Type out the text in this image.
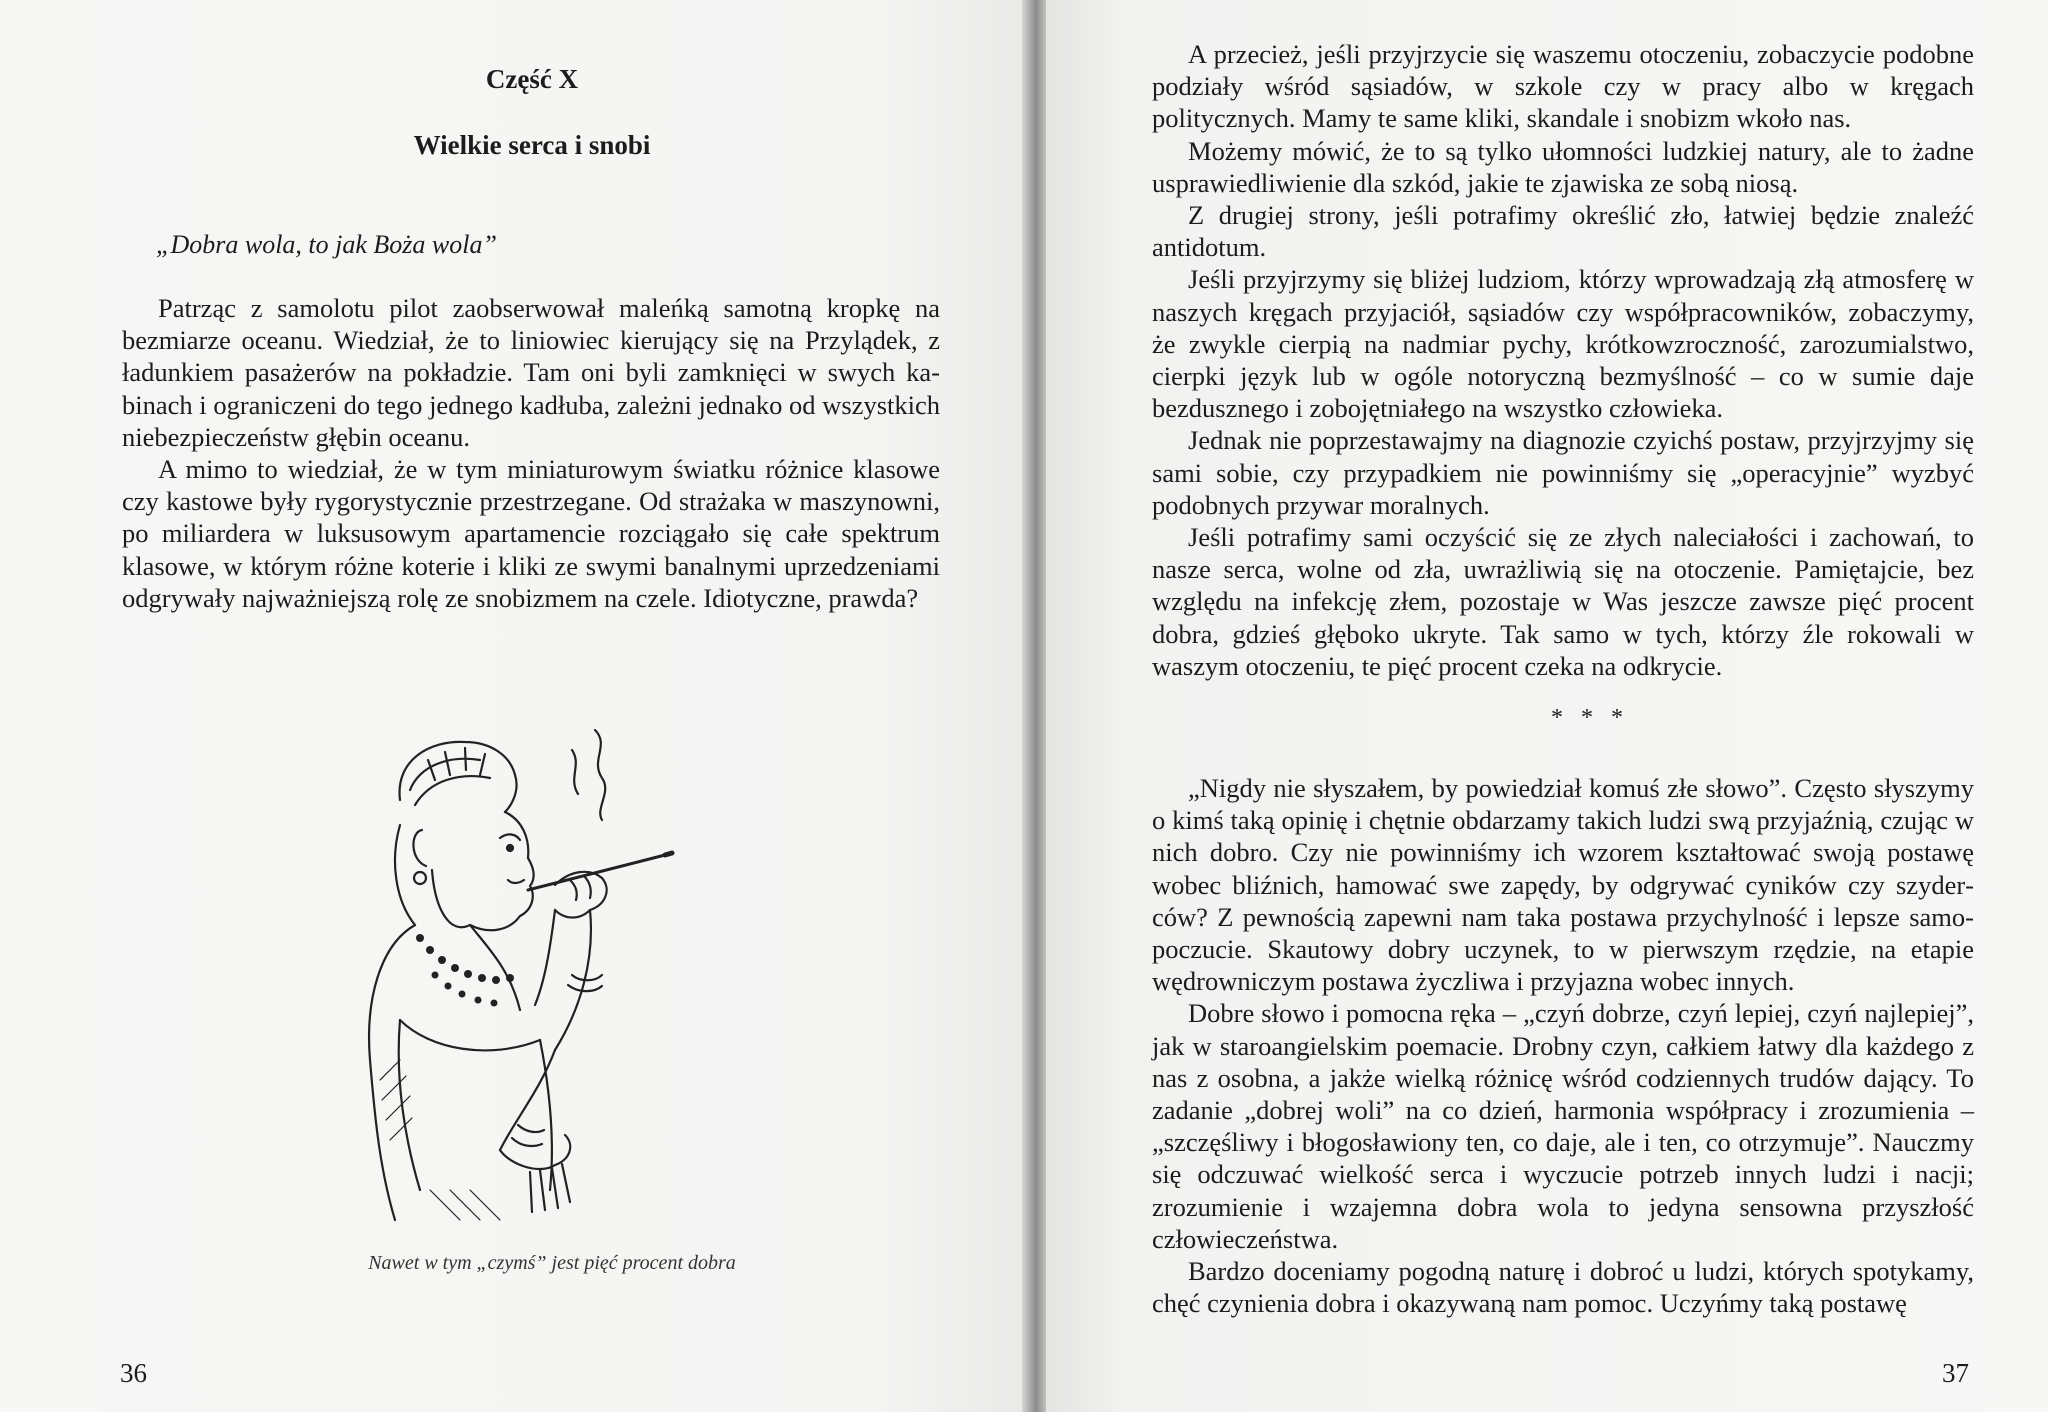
Część X
Wielkie serca i snobi
„Dobra wola, to jak Boża wola”

Patrząc z samolotu pilot zaobserwował maleńką samotną kropkę na bezmiarze oceanu. Wiedział, że to liniowiec kierujący się na Przylądek, z ładunkiem pasażerów na pokładzie. Tam oni byli zamknięci w swych kabinach i ograniczeni do tego jednego kadłuba, zależni jednako od wszystkich niebezpieczeństw głębin oceanu.

A mimo to wiedział, że w tym miniaturowym światku różnice klasowe czy kastowe były rygorystycznie przestrzegane. Od strażaka w maszynowni, po miliardera w luksusowym apartamencie rozciągało się całe spektrum klasowe, w którym różne koterie i kliki ze swymi banalnymi uprzedzeniami odgrywały najważniejszą rolę ze snobizmem na czele. Idiotyczne, prawda?

Nawet w tym „czymś” jest pięć procent dobra
36

A przecież, jeśli przyjrzycie się waszemu otoczeniu, zobaczycie podobne podziały wśród sąsiadów, w szkole czy w pracy albo w kręgach politycznych. Mamy te same kliki, skandale i snobizm wkoło nas.

Możemy mówić, że to są tylko ułomności ludzkiej natury, ale to żadne usprawiedliwienie dla szkód, jakie te zjawiska ze sobą niosą.

Z drugiej strony, jeśli potrafimy określić zło, łatwiej będzie znaleźć antidotum.

Jeśli przyjrzymy się bliżej ludziom, którzy wprowadzają złą atmosferę w naszych kręgach przyjaciół, sąsiadów czy współpracowników, zobaczymy, że zwykle cierpią na nadmiar pychy, krótkowzroczność, zarozumialstwo, cierpki język lub w ogóle notoryczną bezmyślność – co w sumie daje bezdusznego i zobojętniałego na wszystko człowieka.

Jednak nie poprzestawajmy na diagnozie czyichś postaw, przyjrzyjmy się sami sobie, czy przypadkiem nie powinniśmy się „operacyjnie” wyzbyć podobnych przywar moralnych.

Jeśli potrafimy sami oczyścić się ze złych naleciałości i zachowań, to nasze serca, wolne od zła, uwrażliwią się na otoczenie. Pamiętajcie, bez względu na infekcję złem, pozostaje w Was jeszcze zawsze pięć procent dobra, gdzieś głęboko ukryte. Tak samo w tych, którzy źle rokowali w waszym otoczeniu, te pięć procent czeka na odkrycie.

* * *

„Nigdy nie słyszałem, by powiedział komuś złe słowo”. Często słyszymy o kimś taką opinię i chętnie obdarzamy takich ludzi swą przyjaźnią, czując w nich dobro. Czy nie powinniśmy ich wzorem kształtować swoją postawę wobec bliźnich, hamować swe zapędy, by odgrywać cyników czy szyderców? Z pewnością zapewni nam taka postawa przychylność i lepsze samopoczucie. Skautowy dobry uczynek, to w pierwszym rzędzie, na etapie wędrowniczym postawa życzliwa i przyjazna wobec innych.

Dobre słowo i pomocna ręka – „czyń dobrze, czyń lepiej, czyń najlepiej”, jak w staroangielskim poemacie. Drobny czyn, całkiem łatwy dla każdego z nas z osobna, a jakże wielką różnicę wśród codziennych trudów dający. To zadanie „dobrej woli” na co dzień, harmonia współpracy i zrozumienia – „szczęśliwy i błogosławiony ten, co daje, ale i ten, co otrzymuje”. Nauczmy się odczuwać wielkość serca i wyczucie potrzeb innych ludzi i nacji; zrozumienie i wzajemna dobra wola to jedyna sensowna przyszłość człowieczeństwa.

Bardzo doceniamy pogodną naturę i dobroć u ludzi, których spotykamy, chęć czynienia dobra i okazywaną nam pomoc. Uczyńmy taką postawę

37
